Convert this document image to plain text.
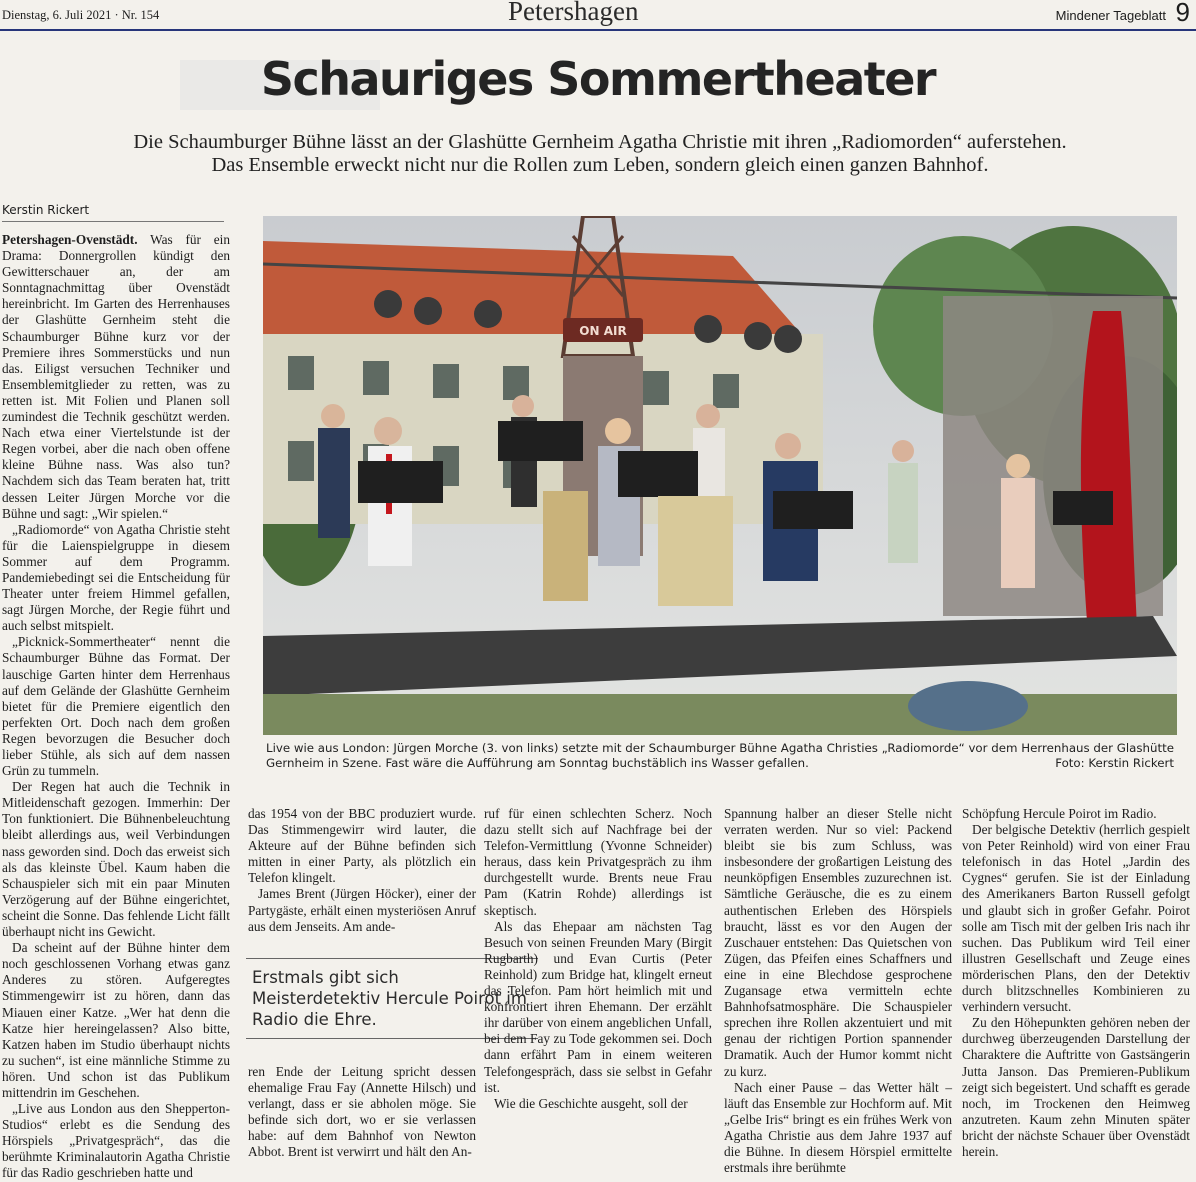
Dienstag, 6. Juli 2021 · Nr. 154	Petershagen	Mindener Tageblatt 9
Schauriges Sommertheater
Die Schaumburger Bühne lässt an der Glashütte Gernheim Agatha Christie mit ihren „Radiomorden“ auferstehen.
Das Ensemble erweckt nicht nur die Rollen zum Leben, sondern gleich einen ganzen Bahnhof.
Kerstin Rickert

Petershagen-Ovenstädt. Was für ein Drama: Donnergrollen kündigt den Gewitterschauer an, der am Sonntagnachmittag über Ovenstädt hereinbricht. Im Garten des Herrenhauses der Glashütte Gernheim steht die Schaumburger Bühne kurz vor der Premiere ihres Sommerstücks und nun das. Eiligst versuchen Techniker und Ensemblemitglieder zu retten, was zu retten ist. Mit Folien und Planen soll zumindest die Technik geschützt werden. Nach etwa einer Viertelstunde ist der Regen vorbei, aber die nach oben offene kleine Bühne nass. Was also tun? Nachdem sich das Team beraten hat, tritt dessen Leiter Jürgen Morche vor die Bühne und sagt: „Wir spielen.“

„Radiomorde“ von Agatha Christie steht für die Laienspielgruppe in diesem Sommer auf dem Programm. Pandemiebedingt sei die Entscheidung für Theater unter freiem Himmel gefallen, sagt Jürgen Morche, der Regie führt und auch selbst mitspielt.

„Picknick-Sommertheater“ nennt die Schaumburger Bühne das Format. Der lauschige Garten hinter dem Herrenhaus auf dem Gelände der Glashütte Gernheim bietet für die Premiere eigentlich den perfekten Ort. Doch nach dem großen Regen bevorzugen die Besucher doch lieber Stühle, als sich auf dem nassen Grün zu tummeln.

Der Regen hat auch die Technik in Mitleidenschaft gezogen. Immerhin: Der Ton funktioniert. Die Bühnenbeleuchtung bleibt allerdings aus, weil Verbindungen nass geworden sind. Doch das erweist sich als das kleinste Übel. Kaum haben die Schauspieler sich mit ein paar Minuten Verzögerung auf der Bühne eingerichtet, scheint die Sonne. Das fehlende Licht fällt überhaupt nicht ins Gewicht.

Da scheint auf der Bühne hinter dem noch geschlossenen Vorhang etwas ganz Anderes zu stören. Aufgeregtes Stimmengewirr ist zu hören, dann das Miauen einer Katze. „Wer hat denn die Katze hier hereingelassen? Also bitte, Katzen haben im Studio überhaupt nichts zu suchen“, ist eine männliche Stimme zu hören. Und schon ist das Publikum mittendrin im Geschehen.

„Live aus London aus den Shepperton-Studios“ erlebt es die Sendung des Hörspiels „Privatgespräch“, das die berühmte Kriminalautorin Agatha Christie für das Radio geschrieben hatte und

ON AIR
Live wie aus London: Jürgen Morche (3. von links) setzte mit der Schaumburger Bühne Agatha Christies „Radiomorde“ vor dem Herrenhaus der Glashütte Gernheim in Szene. Fast wäre die Aufführung am Sonntag buchstäblich ins Wasser gefallen.	Foto: Kerstin Rickert

das 1954 von der BBC produziert wurde. Das Stimmengewirr wird lauter, die Akteure auf der Bühne befinden sich mitten in einer Party, als plötzlich ein Telefon klingelt.

James Brent (Jürgen Höcker), einer der Partygäste, erhält einen mysteriösen Anruf aus dem Jenseits. Am ande-

Erstmals gibt sich Meisterdetektiv Hercule Poirot im Radio die Ehre.

ren Ende der Leitung spricht dessen ehemalige Frau Fay (Annette Hilsch) und verlangt, dass er sie abholen möge. Sie befinde sich dort, wo er sie verlassen habe: auf dem Bahnhof von Newton Abbot. Brent ist verwirrt und hält den An-

ruf für einen schlechten Scherz. Noch dazu stellt sich auf Nachfrage bei der Telefon-Vermittlung (Yvonne Schneider) heraus, dass kein Privatgespräch zu ihm durchgestellt wurde. Brents neue Frau Pam (Katrin Rohde) allerdings ist skeptisch.

Als das Ehepaar am nächsten Tag Besuch von seinen Freunden Mary (Birgit Rugbarth) und Evan Curtis (Peter Reinhold) zum Bridge hat, klingelt erneut das Telefon. Pam hört heimlich mit und konfrontiert ihren Ehemann. Der erzählt ihr darüber von einem angeblichen Unfall, bei dem Fay zu Tode gekommen sei. Doch dann erfährt Pam in einem weiteren Telefongespräch, dass sie selbst in Gefahr ist.

Wie die Geschichte ausgeht, soll der

Spannung halber an dieser Stelle nicht verraten werden. Nur so viel: Packend bleibt sie bis zum Schluss, was insbesondere der großartigen Leistung des neunköpfigen Ensembles zuzurechnen ist. Sämtliche Geräusche, die es zu einem authentischen Erleben des Hörspiels braucht, lässt es vor den Augen der Zuschauer entstehen: Das Quietschen von Zügen, das Pfeifen eines Schaffners und eine in eine Blechdose gesprochene Zugansage etwa vermitteln echte Bahnhofsatmosphäre. Die Schauspieler sprechen ihre Rollen akzentuiert und mit genau der richtigen Portion spannender Dramatik. Auch der Humor kommt nicht zu kurz.

Nach einer Pause – das Wetter hält – läuft das Ensemble zur Hochform auf. Mit „Gelbe Iris“ bringt es ein frühes Werk von Agatha Christie aus dem Jahre 1937 auf die Bühne. In diesem Hörspiel ermittelte erstmals ihre berühmte

Schöpfung Hercule Poirot im Radio.

Der belgische Detektiv (herrlich gespielt von Peter Reinhold) wird von einer Frau telefonisch in das Hotel „Jardin des Cygnes“ gerufen. Sie ist der Einladung des Amerikaners Barton Russell gefolgt und glaubt sich in großer Gefahr. Poirot solle am Tisch mit der gelben Iris nach ihr suchen. Das Publikum wird Teil einer illustren Gesellschaft und Zeuge eines mörderischen Plans, den der Detektiv durch blitzschnelles Kombinieren zu verhindern versucht.

Zu den Höhepunkten gehören neben der durchweg überzeugenden Darstellung der Charaktere die Auftritte von Gastsängerin Jutta Janson. Das Premieren-Publikum zeigt sich begeistert. Und schafft es gerade noch, im Trockenen den Heimweg anzutreten. Kaum zehn Minuten später bricht der nächste Schauer über Ovenstädt herein.
